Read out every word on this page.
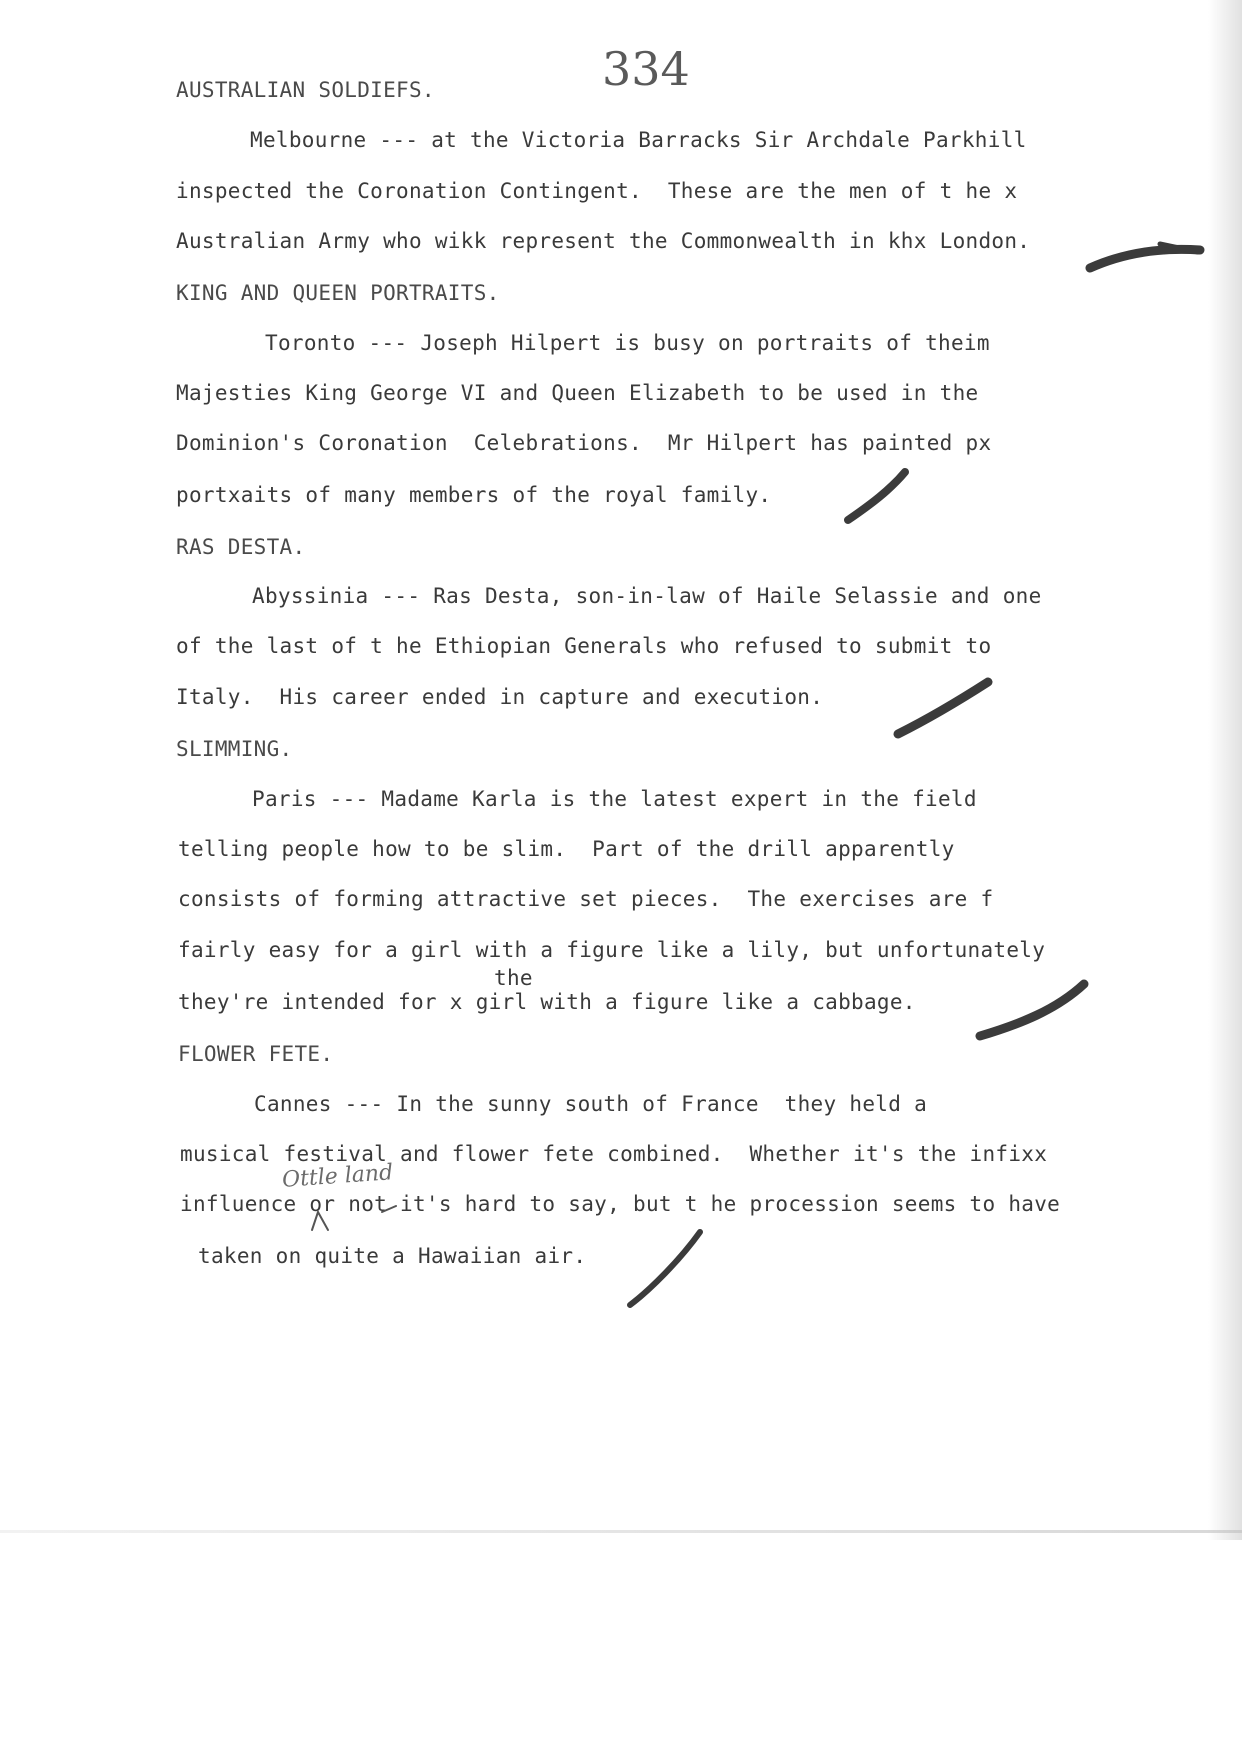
334
AUSTRALIAN SOLDIEFS.
Melbourne --- at the Victoria Barracks Sir Archdale Parkhill
inspected the Coronation Contingent.  These are the men of t he x
Australian Army who wikk represent the Commonwealth in khx London.
KING AND QUEEN PORTRAITS.
Toronto --- Joseph Hilpert is busy on portraits of theim
Majesties King George VI and Queen Elizabeth to be used in the
Dominion's Coronation  Celebrations.  Mr Hilpert has painted px
portxaits of many members of the royal family.
RAS DESTA.
Abyssinia --- Ras Desta, son-in-law of Haile Selassie and one
of the last of t he Ethiopian Generals who refused to submit to
Italy.  His career ended in capture and execution.
SLIMMING.
Paris --- Madame Karla is the latest expert in the field
telling people how to be slim.  Part of the drill apparently
consists of forming attractive set pieces.  The exercises are f
fairly easy for a girl with a figure like a lily, but unfortunately
the
they're intended for x girl with a figure like a cabbage.
FLOWER FETE.
Cannes --- In the sunny south of France  they held a
musical festival and flower fete combined.  Whether it's the infixx
Ottle land
influence or not it's hard to say, but t he procession seems to have
taken on quite a Hawaiian air.
